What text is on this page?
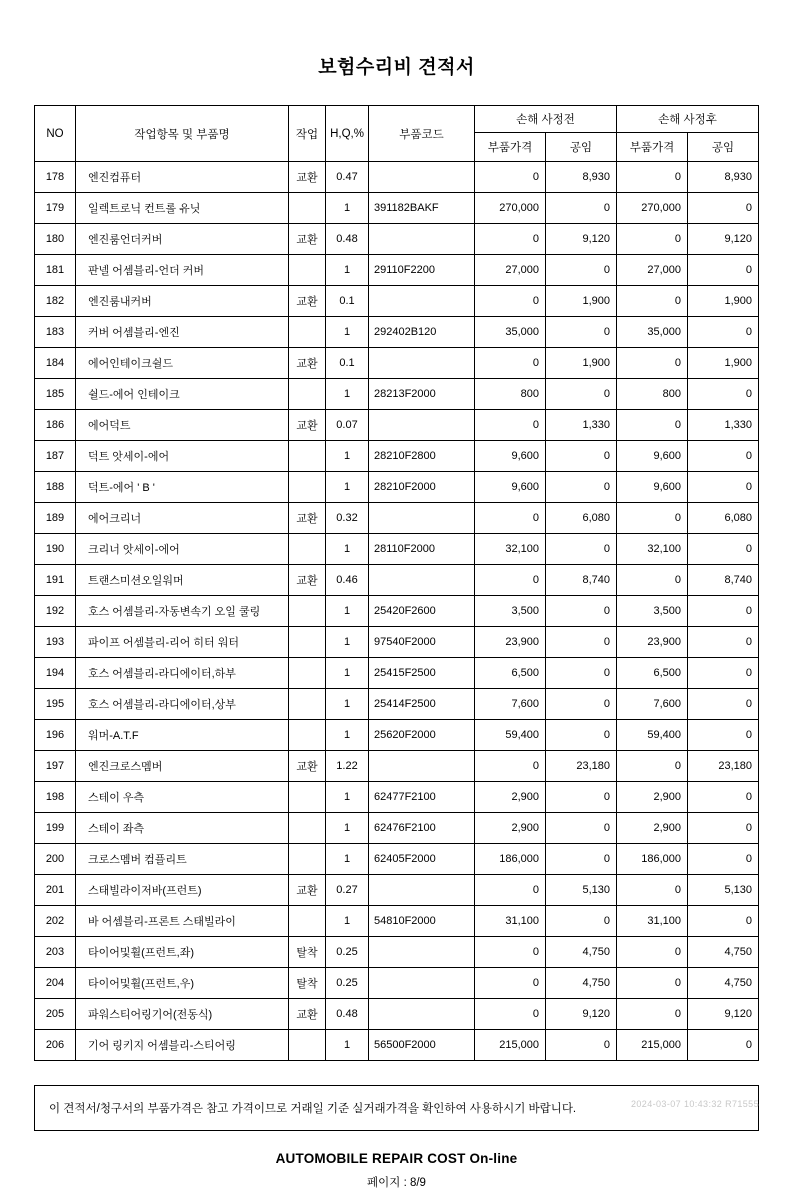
보험수리비 견적서
NO	작업항목 및 부품명	작업	H,Q,%	부품코드	손해 사정전		손해 사정후	
					부품가격	공임	부품가격	공임
178	엔진컴퓨터	교환	0.47		0	8,930	0	8,930
179	일렉트로닉 컨트롤 유닛		1	391182BAKF	270,000	0	270,000	0
180	엔진룸언더커버	교환	0.48		0	9,120	0	9,120
181	판넬 어셈블리-언더 커버		1	29110F2200	27,000	0	27,000	0
182	엔진룸내커버	교환	0.1		0	1,900	0	1,900
183	커버 어셈블리-엔진		1	292402B120	35,000	0	35,000	0
184	에어인테이크쉴드	교환	0.1		0	1,900	0	1,900
185	쉴드-에어 인테이크		1	28213F2000	800	0	800	0
186	에어덕트	교환	0.07		0	1,330	0	1,330
187	덕트 앗세이-에어		1	28210F2800	9,600	0	9,600	0
188	덕트-에어 ' B '		1	28210F2000	9,600	0	9,600	0
189	에어크리너	교환	0.32		0	6,080	0	6,080
190	크리너 앗세이-에어		1	28110F2000	32,100	0	32,100	0
191	트랜스미션오일워머	교환	0.46		0	8,740	0	8,740
192	호스 어셈블리-자동변속기 오일 쿨링		1	25420F2600	3,500	0	3,500	0
193	파이프 어셈블리-리어 히터 워터		1	97540F2000	23,900	0	23,900	0
194	호스 어셈블리-라디에이터,하부		1	25415F2500	6,500	0	6,500	0
195	호스 어셈블리-라디에이터,상부		1	25414F2500	7,600	0	7,600	0
196	워머-A.T.F		1	25620F2000	59,400	0	59,400	0
197	엔진크로스멤버	교환	1.22		0	23,180	0	23,180
198	스테이 우측		1	62477F2100	2,900	0	2,900	0
199	스테이 좌측		1	62476F2100	2,900	0	2,900	0
200	크로스멤버 컴플리트		1	62405F2000	186,000	0	186,000	0
201	스태빌라이저바(프런트)	교환	0.27		0	5,130	0	5,130
202	바 어셈블리-프론트 스태빌라이		1	54810F2000	31,100	0	31,100	0
203	타이어및휠(프런트,좌)	탈착	0.25		0	4,750	0	4,750
204	타이어및휠(프런트,우)	탈착	0.25		0	4,750	0	4,750
205	파워스티어링기어(전동식)	교환	0.48		0	9,120	0	9,120
206	기어 링키지 어셈블리-스티어링		1	56500F2000	215,000	0	215,000	0
이 견적서/청구서의 부품가격은 참고 가격이므로 거래일 기준 실거래가격을 확인하여 사용하시기 바랍니다.
AUTOMOBILE REPAIR COST On-line
페이지 : 8/9
2024-03-07 10:43:32 R71555
